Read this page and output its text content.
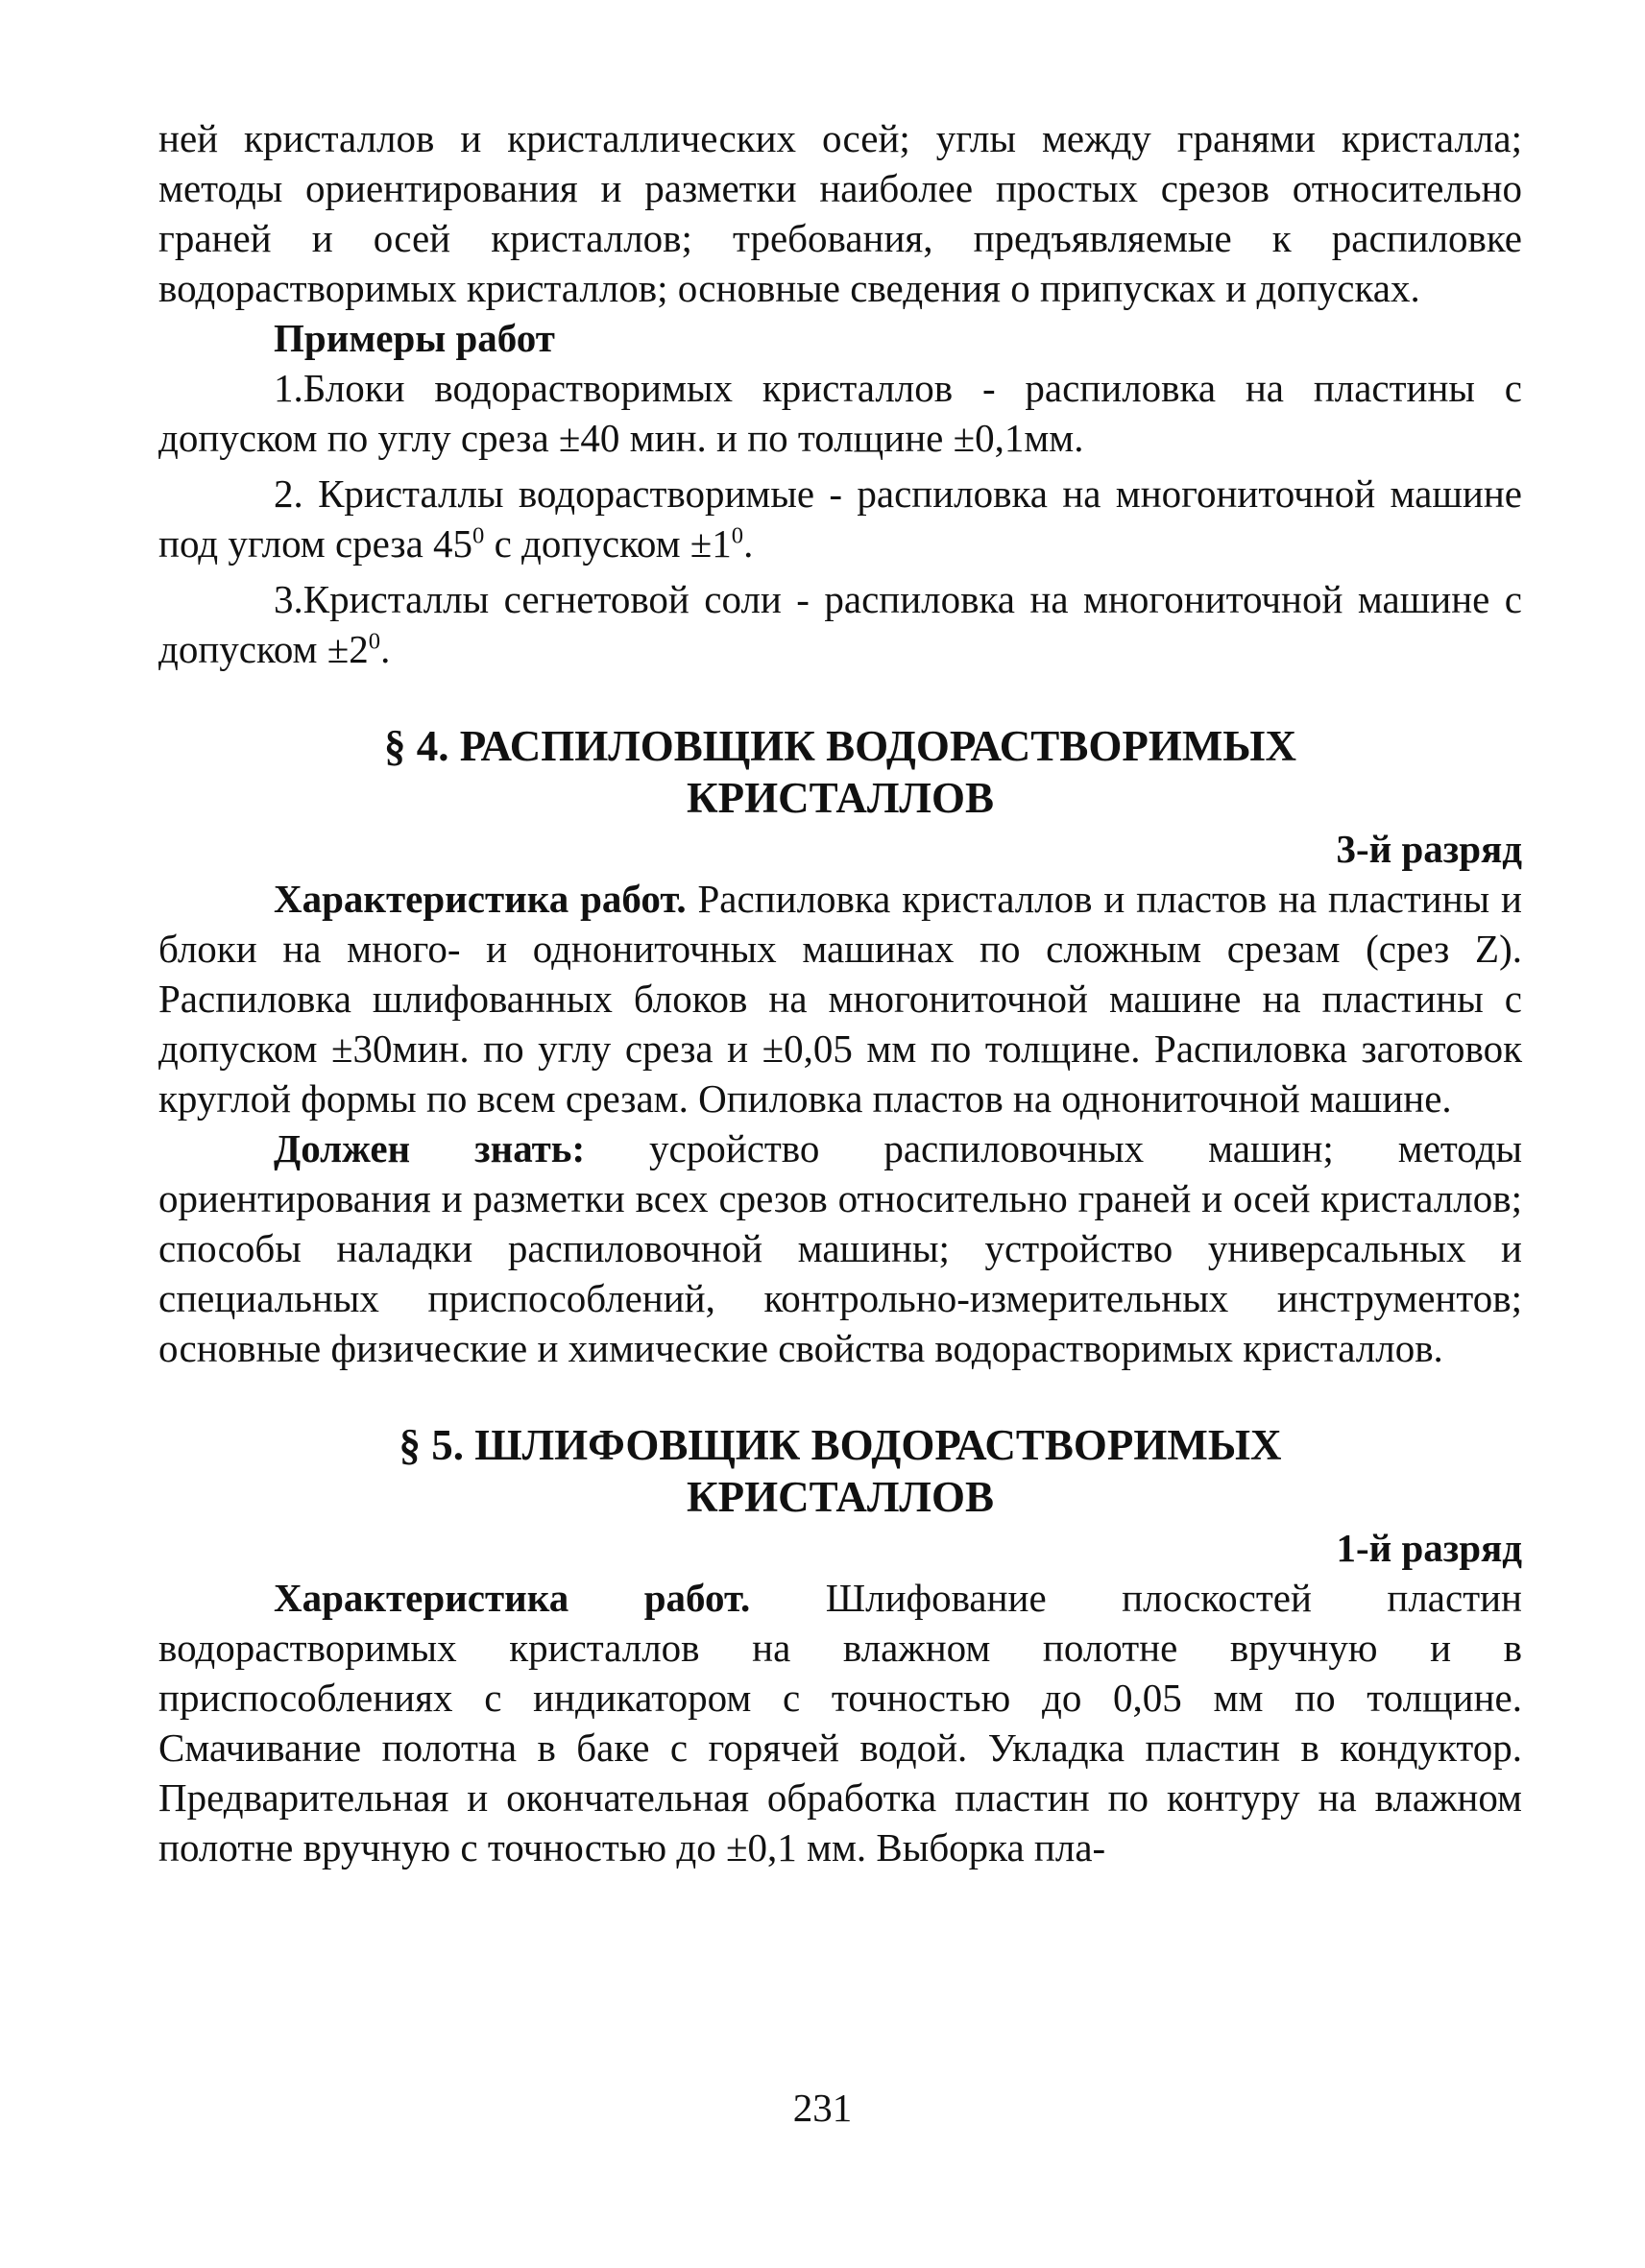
ней кристаллов и кристаллических осей; углы между гранями кристалла; методы ориентирования и разметки наиболее простых срезов относительно граней и осей кристаллов; требования, предъявляемые к распиловке водорастворимых кристаллов; основные сведения о припусках и допусках.

Примеры работ

1.Блоки водорастворимых кристаллов - распиловка на пластины с допуском по углу среза ±40 мин. и по толщине ±0,1мм.

2. Кристаллы водорастворимые - распиловка на многониточной машине под углом среза $45^0$ с допуском $\pm 1^0$.

3.Кристаллы сегнетовой соли - распиловка на многониточной машине с допуском $\pm 2^0$.

§ 4. РАСПИЛОВЩИК ВОДОРАСТВОРИМЫХ
КРИСТАЛЛОВ

3-й разряд

Характеристика работ. Распиловка кристаллов и пластов на пластины и блоки на много- и однониточных машинах по сложным срезам (срез Z). Распиловка шлифованных блоков на многониточной машине на пластины с допуском ±30мин. по углу среза и ±0,05 мм по толщине. Распиловка заготовок круглой формы по всем срезам. Опиловка пластов на однониточной машине.

Должен знать: усройство распиловочных машин; методы ориентирования и разметки всех срезов относительно граней и осей кристаллов; способы наладки распиловочной машины; устройство универсальных и специальных приспособлений, контрольно-измерительных инструментов; основные физические и химические свойства водорастворимых кристаллов.

§ 5. ШЛИФОВЩИК ВОДОРАСТВОРИМЫХ
КРИСТАЛЛОВ

1-й разряд

Характеристика работ. Шлифование плоскостей пластин водорастворимых кристаллов на влажном полотне вручную и в приспособлениях с индикатором с точностью до 0,05 мм по толщине. Смачивание полотна в баке с горячей водой. Укладка пластин в кондуктор. Предварительная и окончательная обработка пластин по контуру на влажном полотне вручную с точностью до ±0,1 мм. Выборка пла-

231
